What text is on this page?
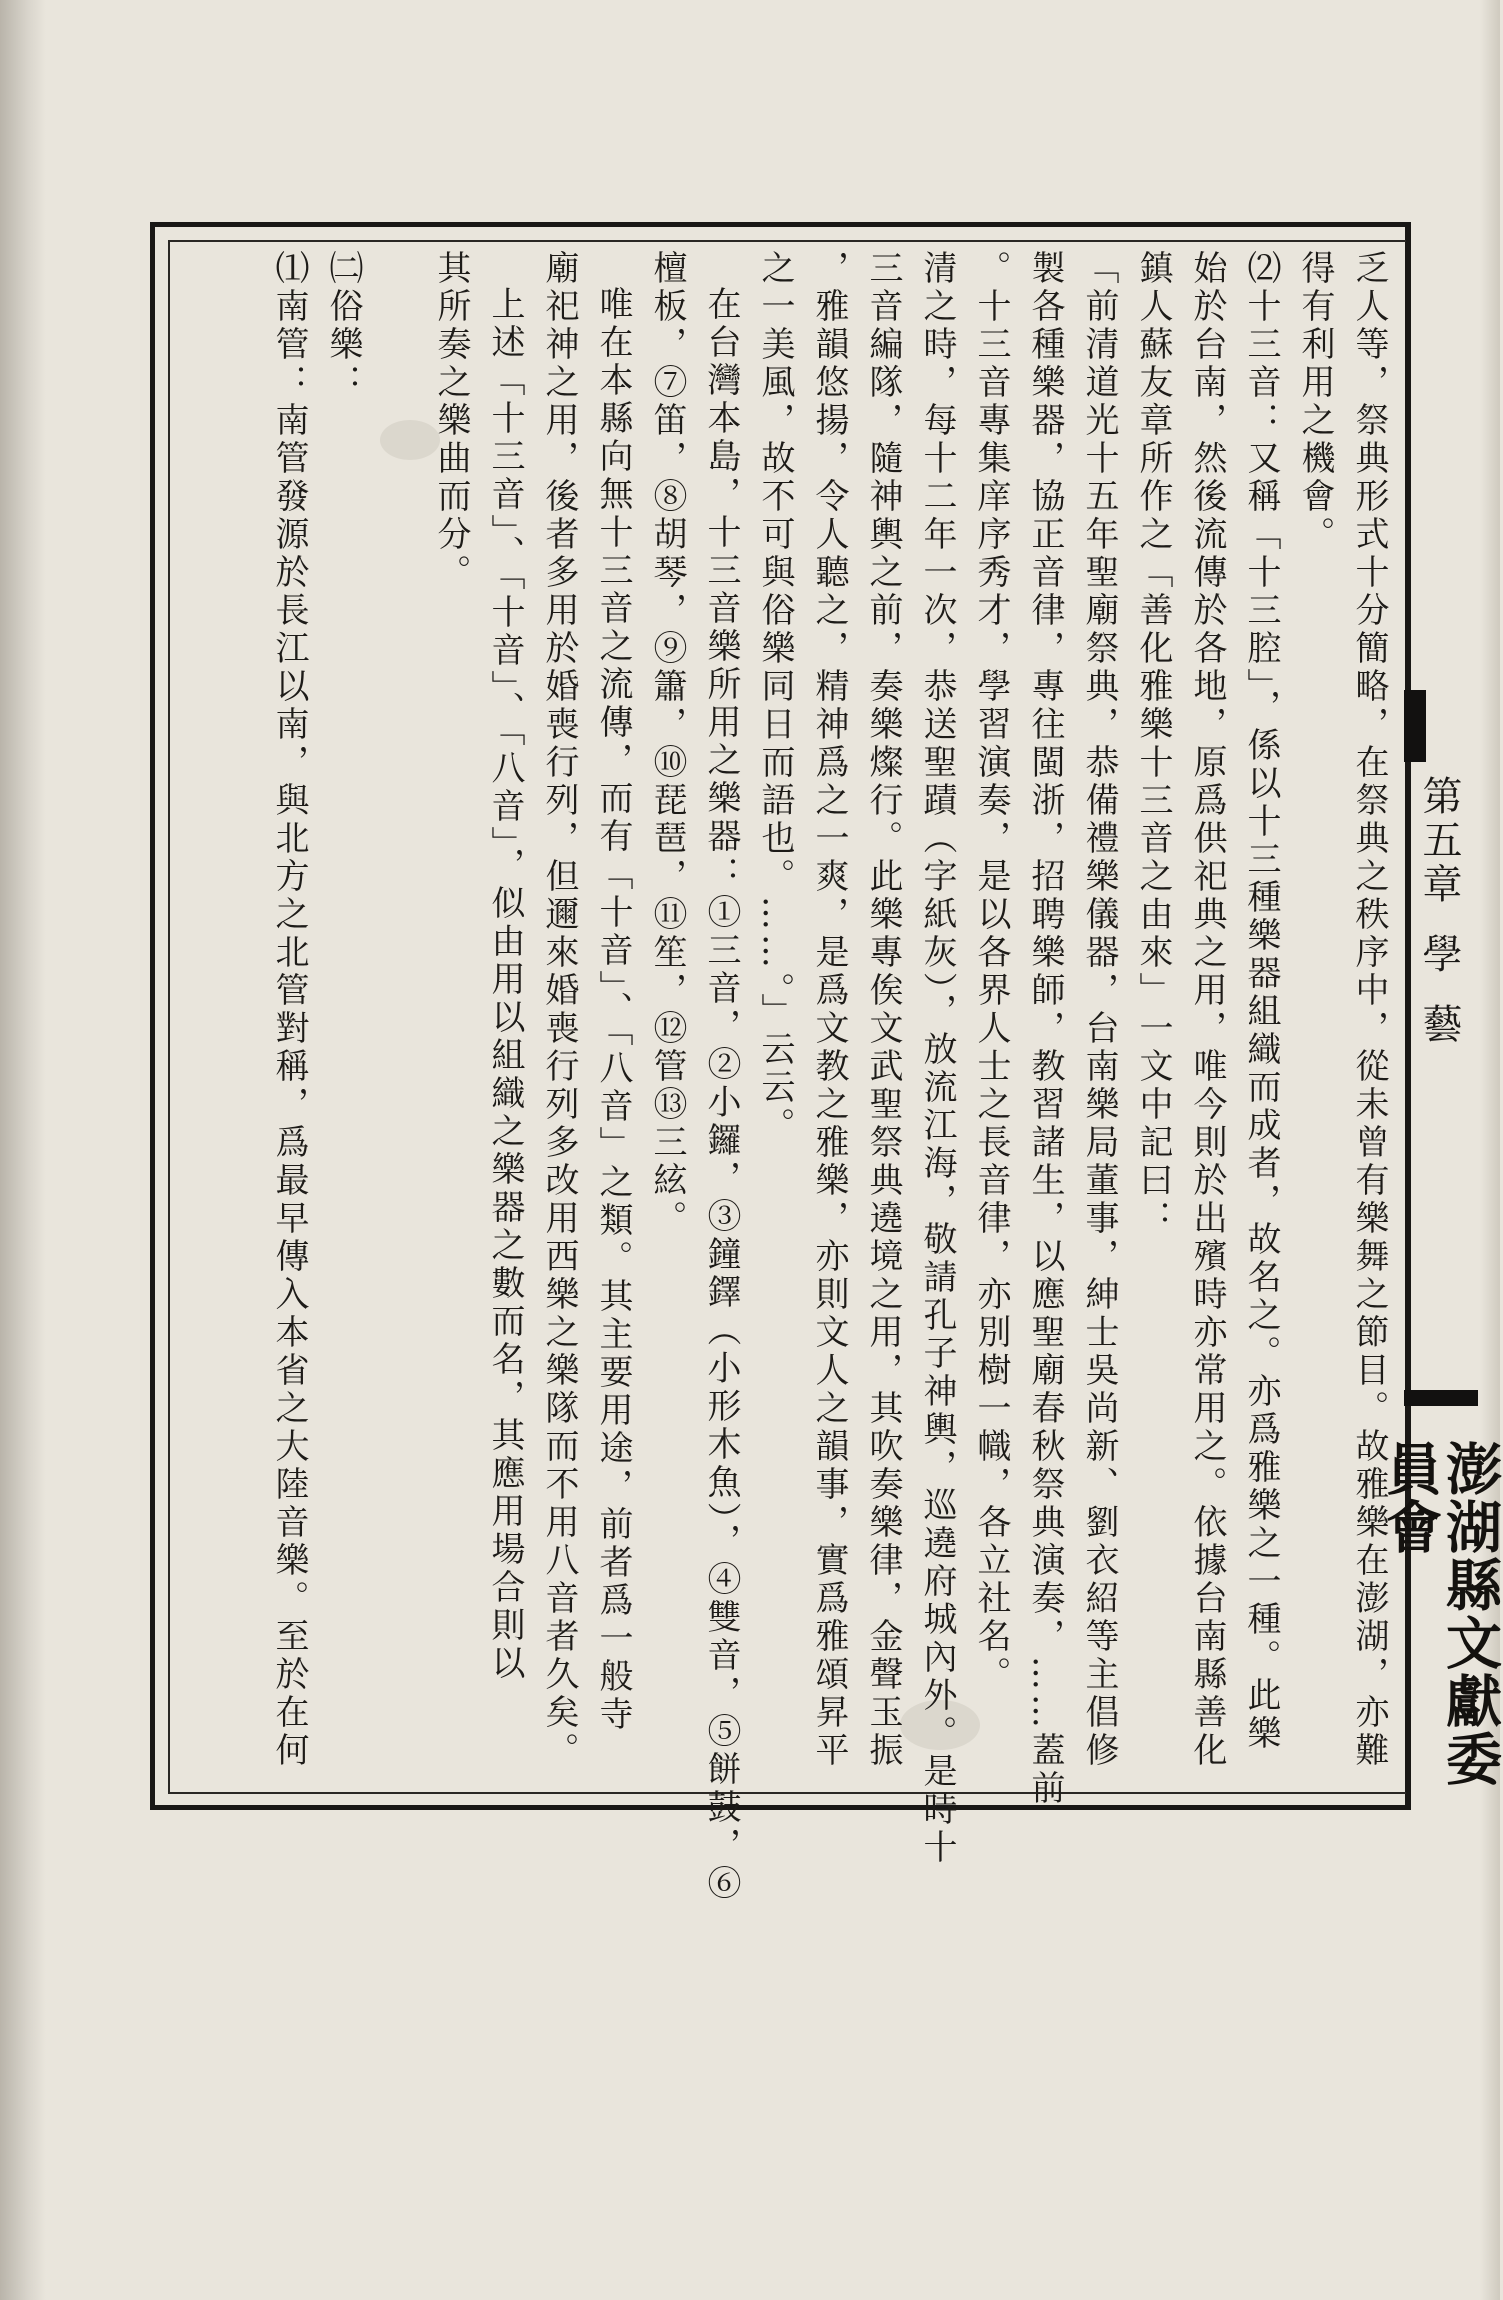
第五章學藝
澎湖縣文獻委員會
乏人等，祭典形式十分簡略，在祭典之秩序中，從未曾有樂舞之節目。故雅樂在澎湖，亦難
得有利用之機會。
⑵十三音：又稱「十三腔」，係以十三種樂器組織而成者，故名之。亦爲雅樂之一種。此樂
始於台南，然後流傳於各地，原爲供祀典之用，唯今則於出殯時亦常用之。依據台南縣善化
鎮人蘇友章所作之「善化雅樂十三音之由來」一文中記曰：
「前清道光十五年聖廟祭典，恭備禮樂儀器，台南樂局董事，紳士吳尚新、劉衣紹等主倡修
製各種樂器，協正音律，專往閩浙，招聘樂師，教習諸生，以應聖廟春秋祭典演奏，……蓋前
。十三音專集庠序秀才，學習演奏，是以各界人士之長音律，亦別樹一幟，各立社名。
清之時，每十二年一次，恭送聖蹟（字紙灰），放流江海，敬請孔子神輿，巡遶府城內外。是時十
三音編隊，隨神輿之前，奏樂燦行。此樂專俟文武聖祭典遶境之用，其吹奏樂律，金聲玉振
，雅韻悠揚，令人聽之，精神爲之一爽，是爲文教之雅樂，亦則文人之韻事，實爲雅頌昇平
之一美風，故不可與俗樂同日而語也。……。」云云。
在台灣本島，十三音樂所用之樂器：①三音，②小鑼，③鐘鐸（小形木魚），④雙音，⑤餅鼓，⑥
檀板，⑦笛，⑧胡琴，⑨簫，⑩琵琶，⑪笙，⑫管⑬三絃。
唯在本縣向無十三音之流傳，而有「十音」、「八音」之類。其主要用途，前者爲一般寺
廟祀神之用，後者多用於婚喪行列，但邇來婚喪行列多改用西樂之樂隊而不用八音者久矣。
上述「十三音」、「十音」、「八音」，似由用以組織之樂器之數而名，其應用場合則以
其所奏之樂曲而分。
㈡俗樂：
⑴南管：南管發源於長江以南，與北方之北管對稱，爲最早傳入本省之大陸音樂。至於在何
